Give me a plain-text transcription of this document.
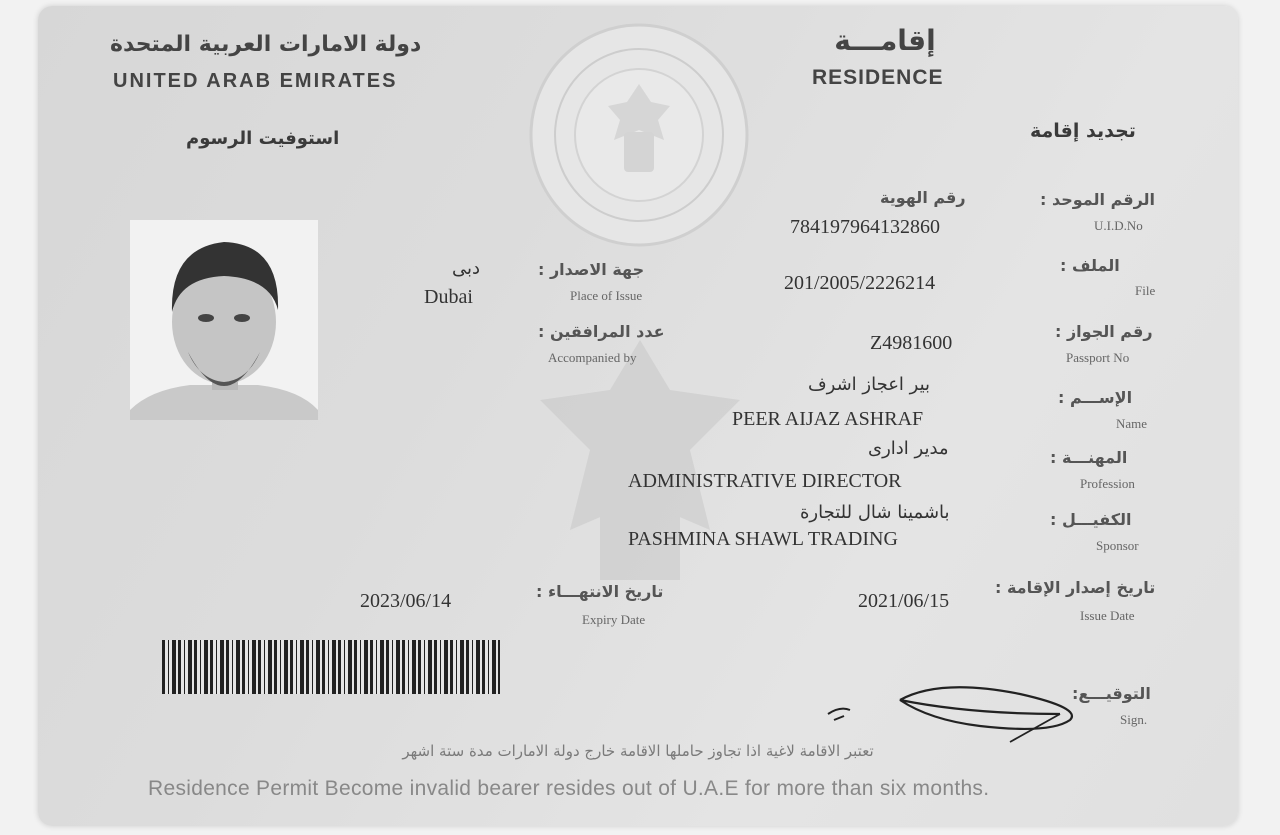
دولة الامارات العربية المتحدة
UNITED ARAB EMIRATES
إقامـــة
RESIDENCE
تجديد إقامة
استوفيت الرسوم
رقم الهوية
784197964132860
الرقم الموحد :
U.I.D.No
الملف :
File
201/2005/2226214
جهة الاصدار :
Place of Issue
دبی
Dubai
رقم الجواز :
Passport No
Z4981600
عدد المرافقين :
Accompanied by
الإســـم :
Name
بير اعجاز اشرف
PEER AIJAZ ASHRAF
المهنـــة :
Profession
مدير اداری
ADMINISTRATIVE DIRECTOR
الكفيـــل :
Sponsor
باشمينا شال للتجارة
PASHMINA SHAWL TRADING
تاريخ إصدار الإقامة :
Issue Date
2021/06/15
تاريخ الانتهـــاء :
Expiry Date
2023/06/14
التوقيـــع:
Sign.
تعتبر الاقامة لاغية اذا تجاوز حاملها الاقامة خارج دولة الامارات مدة ستة اشهر
Residence Permit Become invalid bearer resides out of U.A.E for more than six months.
